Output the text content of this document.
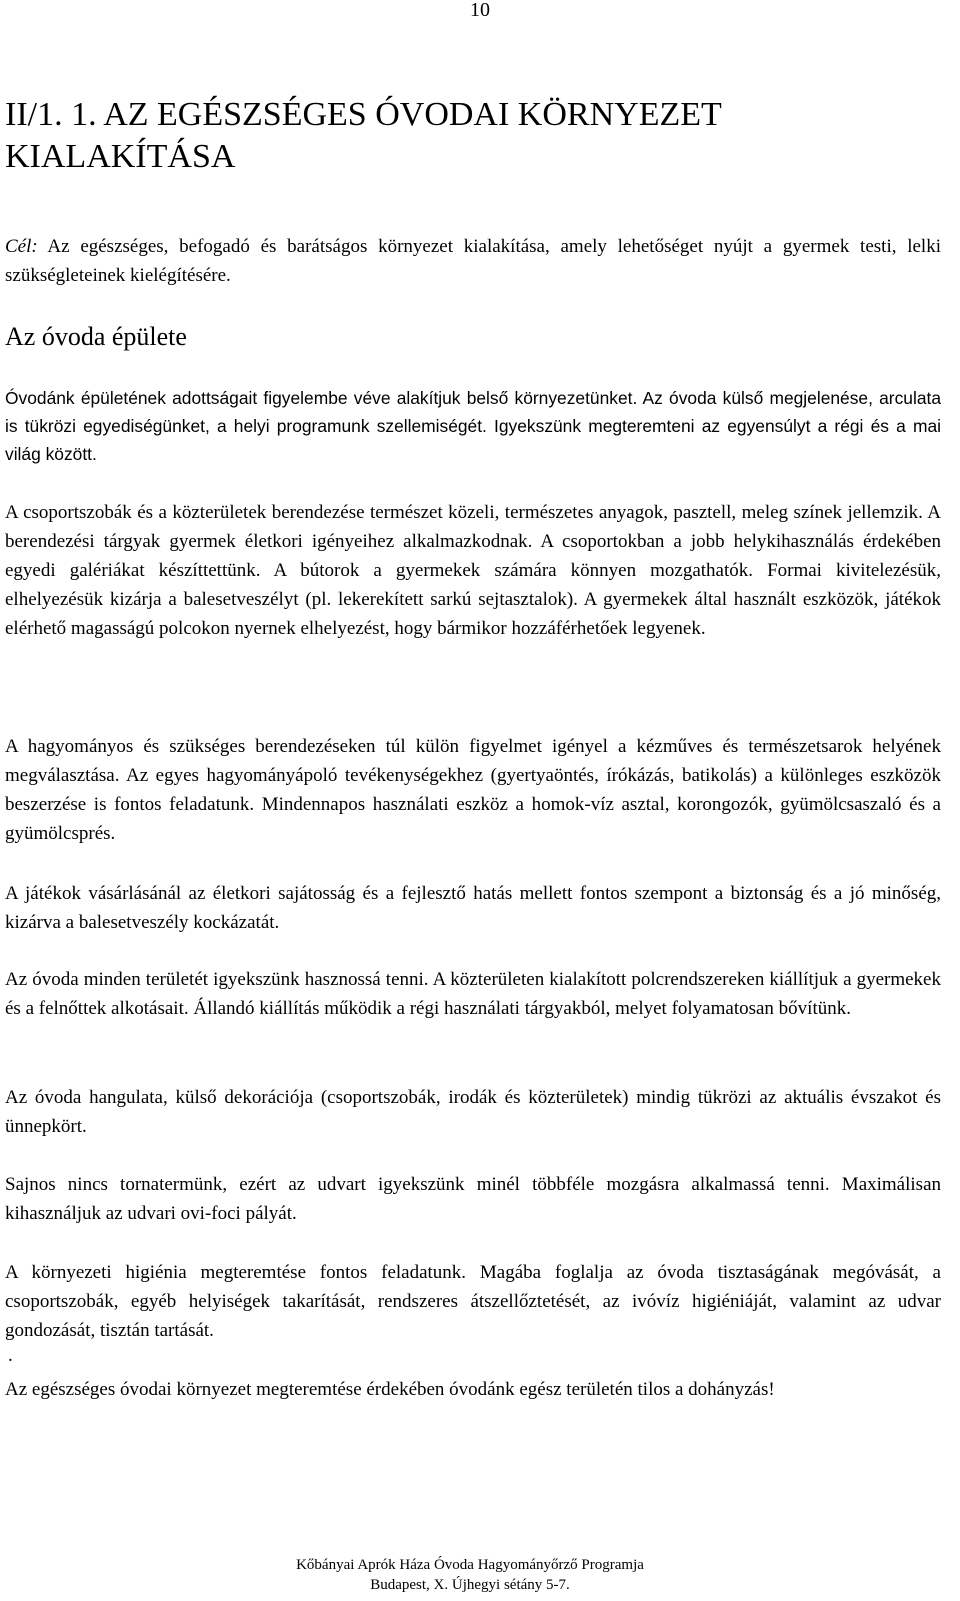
10
II/1. 1. AZ EGÉSZSÉGES ÓVODAI KÖRNYEZET KIALAKÍTÁSA

Cél: Az egészséges, befogadó és barátságos környezet kialakítása, amely lehetőséget nyújt a gyermek testi, lelki szükségleteinek kielégítésére.

Az óvoda épülete

Óvodánk épületének adottságait figyelembe véve alakítjuk belső környezetünket. Az óvoda külső megjelenése, arculata is tükrözi egyediségünket, a helyi programunk szellemiségét. Igyekszünk megteremteni az egyensúlyt a régi és a mai világ között.

A csoportszobák és a közterületek berendezése természet közeli, természetes anyagok, pasztell, meleg színek jellemzik. A berendezési tárgyak gyermek életkori igényeihez alkalmazkodnak. A csoportokban a jobb helykihasználás érdekében egyedi galériákat készíttettünk. A bútorok a gyermekek számára könnyen mozgathatók. Formai kivitelezésük, elhelyezésük kizárja a balesetveszélyt (pl. lekerekített sarkú sejtasztalok). A gyermekek által használt eszközök, játékok elérhető magasságú polcokon nyernek elhelyezést, hogy bármikor hozzáférhetőek legyenek.

A hagyományos és szükséges berendezéseken túl külön figyelmet igényel a kézműves és természetsarok helyének megválasztása. Az egyes hagyományápoló tevékenységekhez (gyertyaöntés, írókázás, batikolás) a különleges eszközök beszerzése is fontos feladatunk. Mindennapos használati eszköz a homok-víz asztal, korongozók, gyümölcsaszaló és a gyümölcsprés.

A játékok vásárlásánál az életkori sajátosság és a fejlesztő hatás mellett fontos szempont a biztonság és a jó minőség, kizárva a balesetveszély kockázatát.

Az óvoda minden területét igyekszünk hasznossá tenni. A közterületen kialakított polcrendszereken kiállítjuk a gyermekek és a felnőttek alkotásait. Állandó kiállítás működik a régi használati tárgyakból, melyet folyamatosan bővítünk.

Az óvoda hangulata, külső dekorációja (csoportszobák, irodák és közterületek) mindig tükrözi az aktuális évszakot és ünnepkört.

Sajnos nincs tornatermünk, ezért az udvart igyekszünk minél többféle mozgásra alkalmassá tenni. Maximálisan kihasználjuk az udvari ovi-foci pályát.

A környezeti higiénia megteremtése fontos feladatunk. Magába foglalja az óvoda tisztaságának megóvását, a csoportszobák, egyéb helyiségek takarítását, rendszeres átszellőztetését, az ivóvíz higiéniáját, valamint az udvar gondozását, tisztán tartását.

.

Az egészséges óvodai környezet megteremtése érdekében óvodánk egész területén tilos a dohányzás!

Kőbányai Aprók Háza Óvoda Hagyományőrző Programja
Budapest, X. Újhegyi sétány 5-7.
